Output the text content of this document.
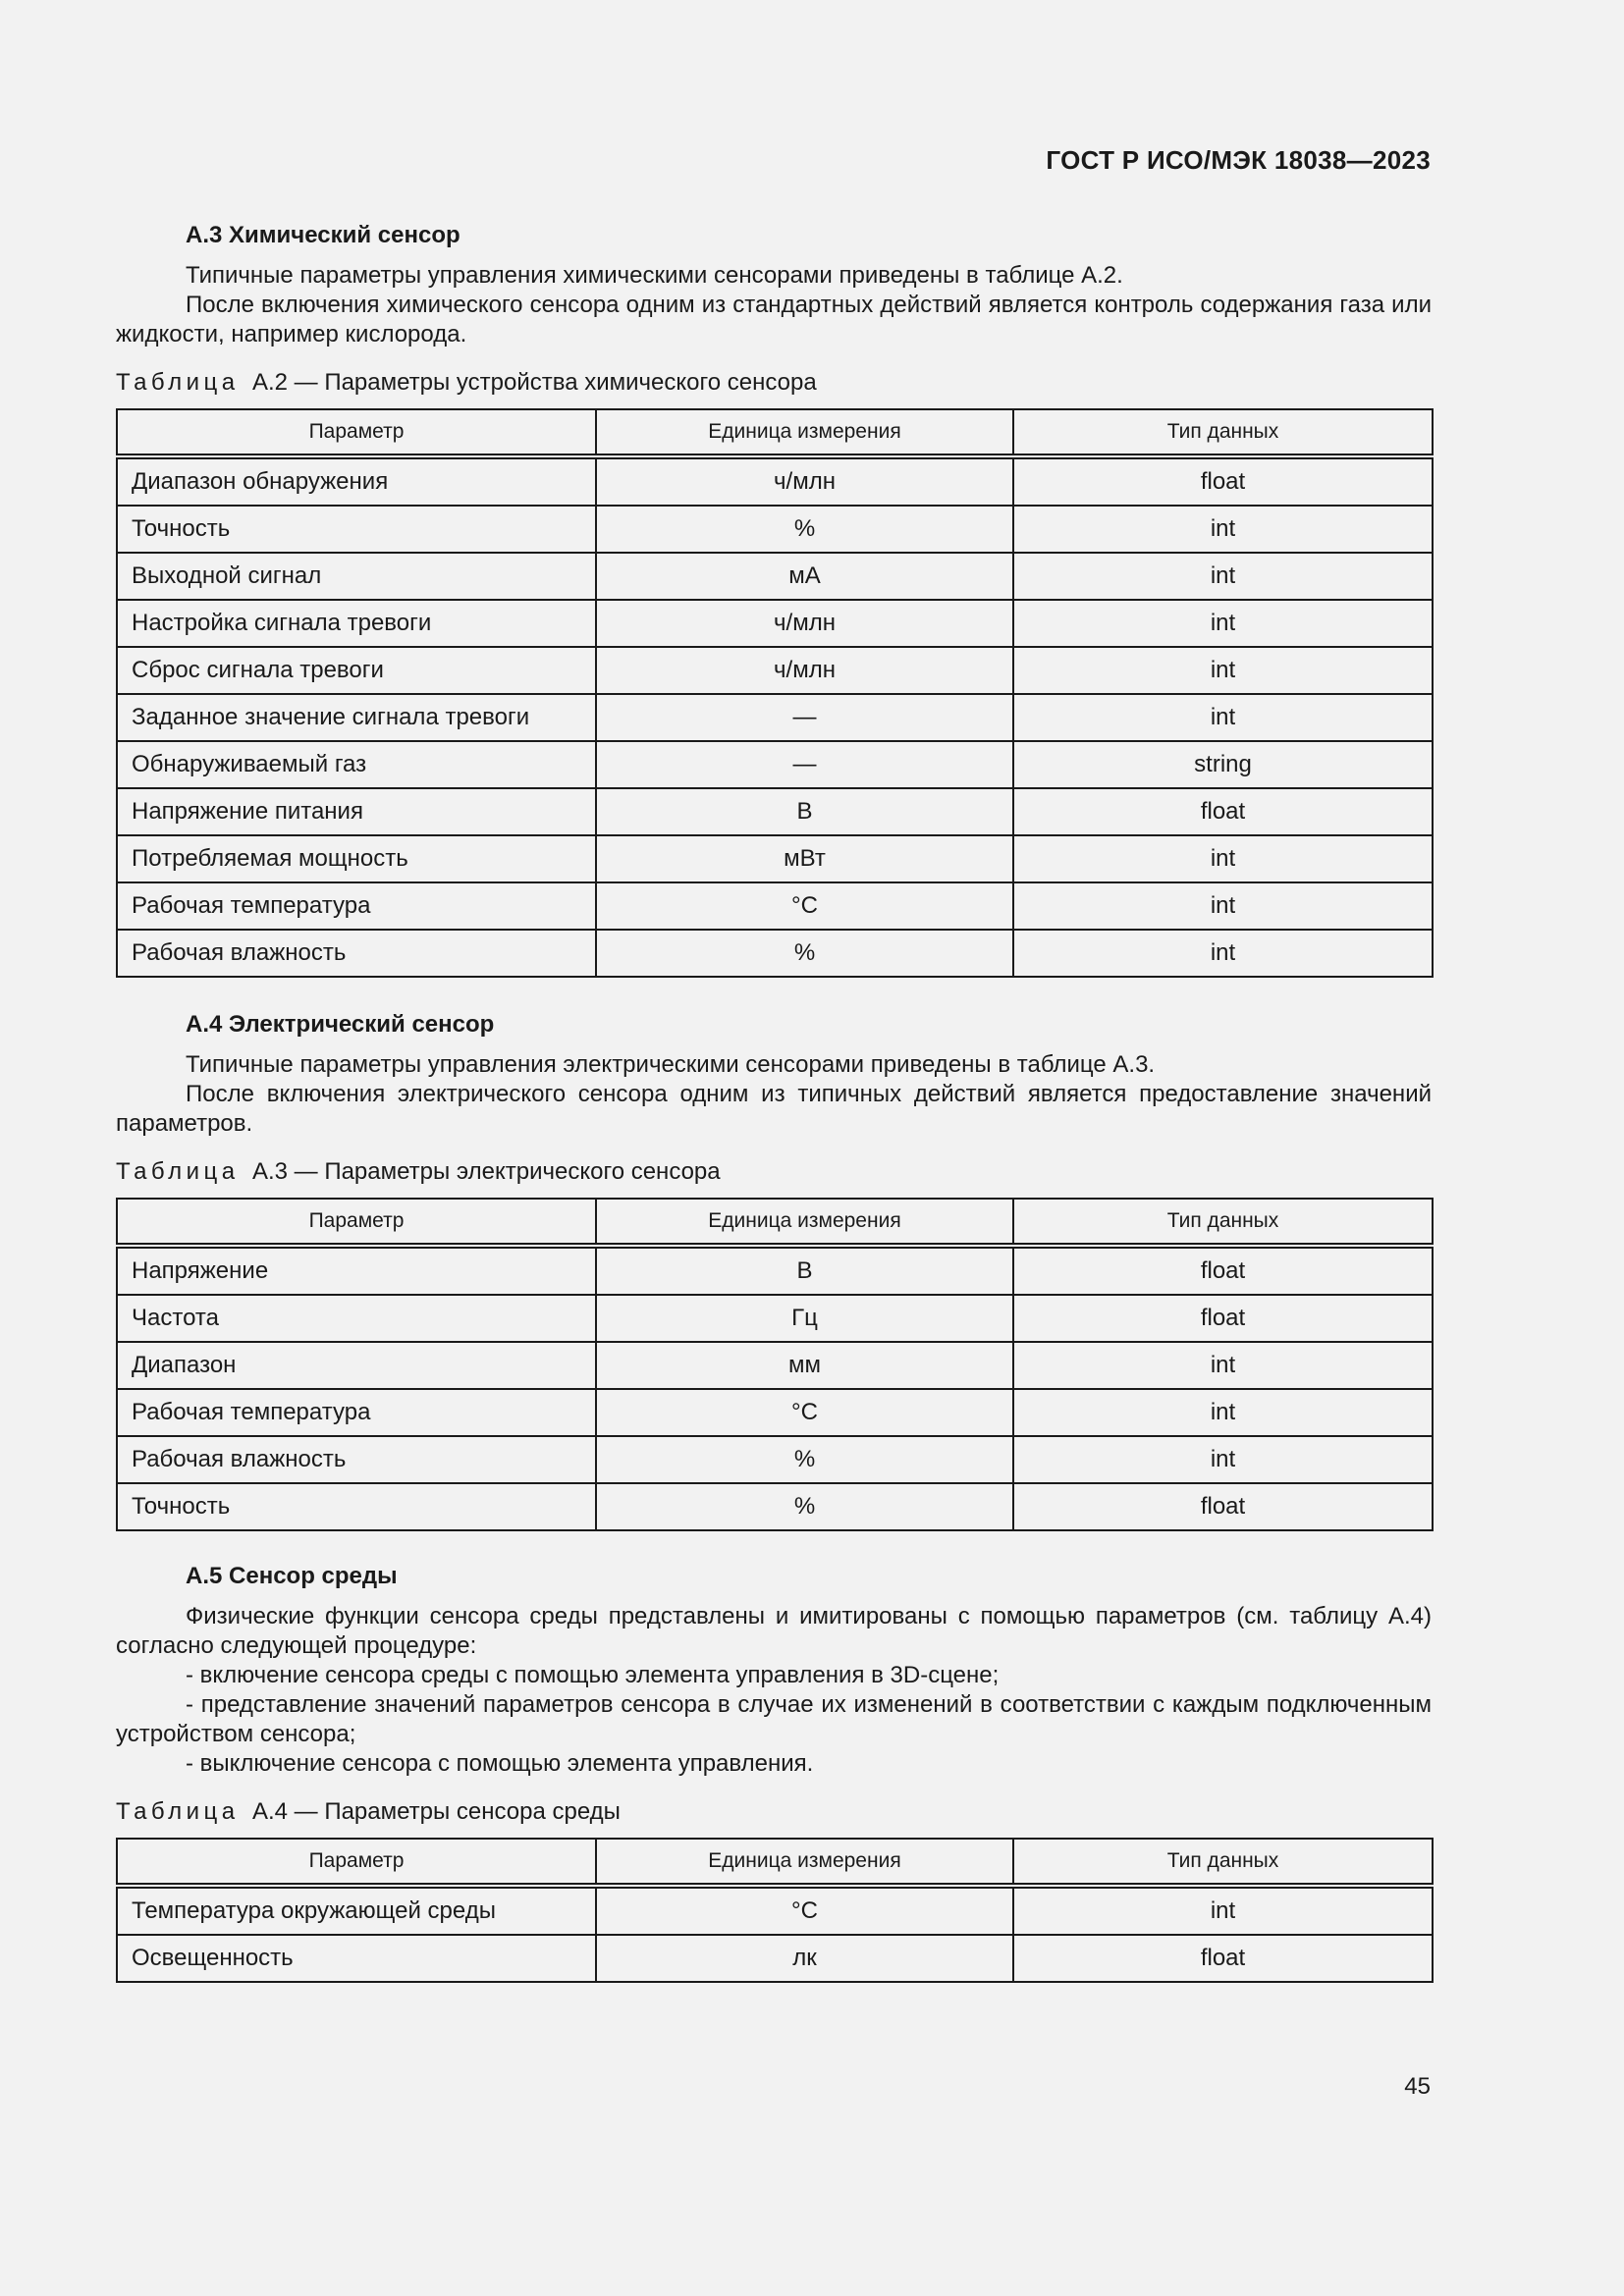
ГОСТ Р ИСО/МЭК 18038—2023
А.3 Химический сенсор

Типичные параметры управления химическими сенсорами приведены в таблице А.2.

После включения химического сенсора одним из стандартных действий является контроль содержания газа или жидкости, например кислорода.

Таблица А.2 — Параметры устройства химического сенсора
Параметр	Единица измерения	Тип данных
Диапазон обнаружения	ч/млн	float
Точность	%	int
Выходной сигнал	мА	int
Настройка сигнала тревоги	ч/млн	int
Сброс сигнала тревоги	ч/млн	int
Заданное значение сигнала тревоги	—	int
Обнаруживаемый газ	—	string
Напряжение питания	В	float
Потребляемая мощность	мВт	int
Рабочая температура	°С	int
Рабочая влажность	%	int
А.4 Электрический сенсор

Типичные параметры управления электрическими сенсорами приведены в таблице А.3.

После включения электрического сенсора одним из типичных действий является предоставление значений параметров.

Таблица А.3 — Параметры электрического сенсора
Параметр	Единица измерения	Тип данных
Напряжение	В	float
Частота	Гц	float
Диапазон	мм	int
Рабочая температура	°С	int
Рабочая влажность	%	int
Точность	%	float
А.5 Сенсор среды

Физические функции сенсора среды представлены и имитированы с помощью параметров (см. таблицу А.4) согласно следующей процедуре:

- включение сенсора среды с помощью элемента управления в 3D-сцене;

- представление значений параметров сенсора в случае их изменений в соответствии с каждым подключенным устройством сенсора;

- выключение сенсора с помощью элемента управления.

Таблица А.4 — Параметры сенсора среды
Параметр	Единица измерения	Тип данных
Температура окружающей среды	°С	int
Освещенность	лк	float
45
